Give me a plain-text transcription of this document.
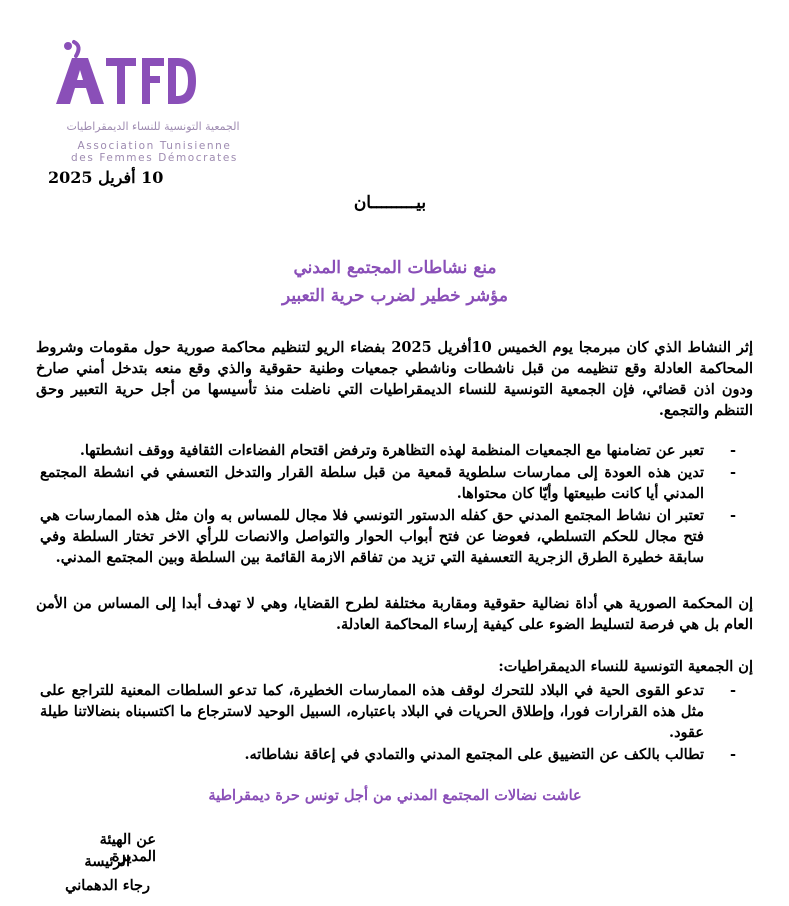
الجمعية التونسية للنساء الديمقراطيات
Association Tunisienne
des Femmes Démocrates
10 أفريل 2025
بيـــــــــان
منع نشاطات المجتمع المدني
مؤشر خطير لضرب حرية التعبير
إثر النشاط الذي كان مبرمجا يوم الخميس 10أفريل 2025 بفضاء الريو لتنظيم محاكمة صورية حول مقومات وشروط المحاكمة العادلة وقع تنظيمه من قبل ناشطات وناشطي جمعيات وطنية حقوقية والذي وقع منعه بتدخل أمني صارخ ودون اذن قضائي، فإن الجمعية التونسية للنساء الديمقراطيات التي ناضلت منذ تأسيسها من أجل حرية التعبير وحق التنظم والتجمع.
- تعبر عن تضامنها مع الجمعيات المنظمة لهذه التظاهرة وترفض اقتحام الفضاءات الثقافية ووقف انشطتها.
- تدين هذه العودة إلى ممارسات سلطوية قمعية من قبل سلطة القرار والتدخل التعسفي في انشطة المجتمع المدني أيا كانت طبيعتها وأيّا كان محتواها.
- تعتبر ان نشاط المجتمع المدني حق كفله الدستور التونسي فلا مجال للمساس به وان مثل هذه الممارسات هي فتح مجال للحكم التسلطي، فعوضا عن فتح أبواب الحوار والتواصل والانصات للرأي الاخر تختار السلطة وفي سابقة خطيرة الطرق الزجرية التعسفية التي تزيد من تفاقم الازمة القائمة بين السلطة وبين المجتمع المدني.
إن المحكمة الصورية هي أداة نضالية حقوقية ومقاربة مختلفة لطرح القضايا، وهي لا تهدف أبدا إلى المساس من الأمن العام بل هي فرصة لتسليط الضوء على كيفية إرساء المحاكمة العادلة.
إن الجمعية التونسية للنساء الديمقراطيات:
- تدعو القوى الحية في البلاد للتحرك لوقف هذه الممارسات الخطيرة، كما تدعو السلطات المعنية للتراجع على مثل هذه القرارات فورا، وإطلاق الحريات في البلاد باعتباره، السبيل الوحيد لاسترجاع ما اكتسبناه بنضالاتنا طيلة عقود.
- تطالب بالكف عن التضييق على المجتمع المدني والتمادي في إعاقة نشاطاته.
عاشت نضالات المجتمع المدني من أجل تونس حرة ديمقراطية
عن الهيئة المديرة
الرئيسة
رجاء الدهماني
